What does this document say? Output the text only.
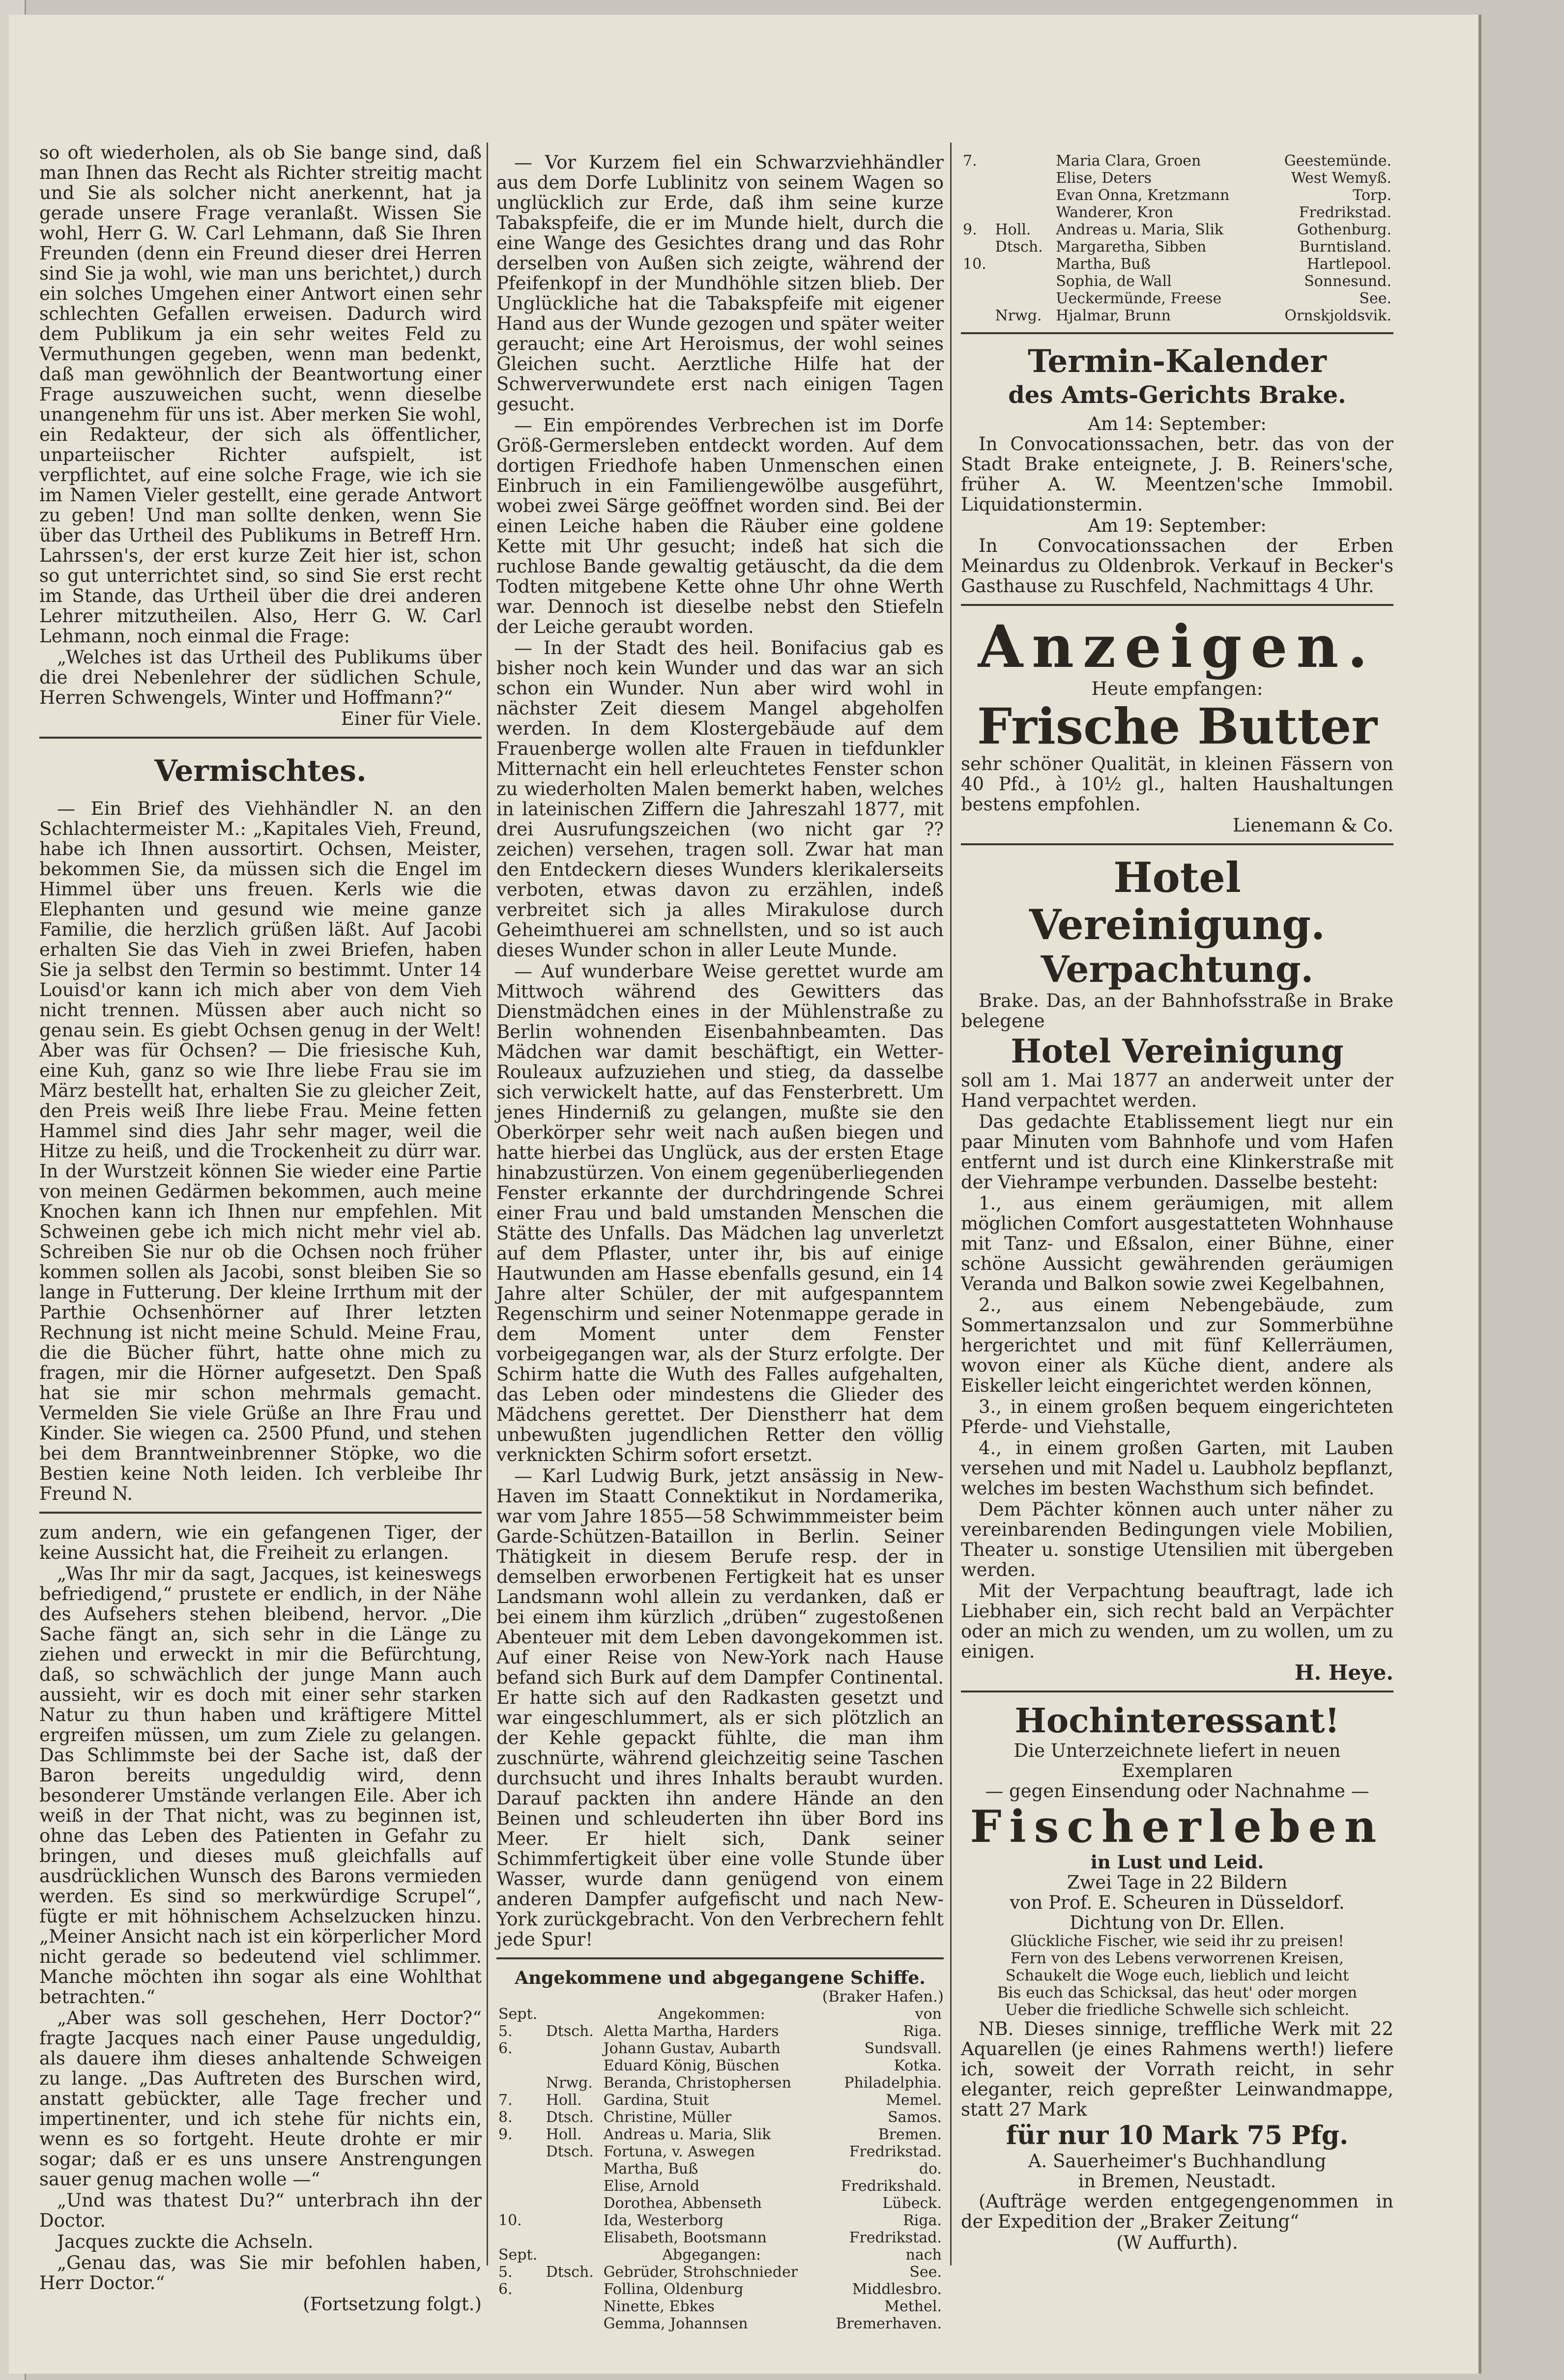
so oft wiederholen, als ob Sie bange sind, daß man Ihnen das Recht als Richter streitig macht und Sie als solcher nicht anerkennt, hat ja gerade unsere Frage veranlaßt. Wissen Sie wohl, Herr G. W. Carl Lehmann, daß Sie Ihren Freunden (denn ein Freund dieser drei Herren sind Sie ja wohl, wie man uns berichtet,) durch ein solches Umgehen einer Antwort einen sehr schlechten Gefallen erweisen. Dadurch wird dem Publikum ja ein sehr weites Feld zu Vermuthungen gegeben, wenn man bedenkt, daß man gewöhnlich der Beantwortung einer Frage auszuweichen sucht, wenn dieselbe unangenehm für uns ist. Aber merken Sie wohl, ein Redakteur, der sich als öffentlicher, unparteiischer Richter aufspielt, ist verpflichtet, auf eine solche Frage, wie ich sie im Namen Vieler gestellt, eine gerade Antwort zu geben! Und man sollte denken, wenn Sie über das Urtheil des Publikums in Betreff Hrn. Lahrssen's, der erst kurze Zeit hier ist, schon so gut unterrichtet sind, so sind Sie erst recht im Stande, das Urtheil über die drei anderen Lehrer mitzutheilen. Also, Herr G. W. Carl Lehmann, noch einmal die Frage:

„Welches ist das Urtheil des Publikums über die drei Nebenlehrer der südlichen Schule, Herren Schwengels, Winter und Hoffmann?“

Einer für Viele.
Vermischtes.

— Ein Brief des Viehhändler N. an den Schlachtermeister M.: „Kapitales Vieh, Freund, habe ich Ihnen aussortirt. Ochsen, Meister, bekommen Sie, da müssen sich die Engel im Himmel über uns freuen. Kerls wie die Elephanten und gesund wie meine ganze Familie, die herzlich grüßen läßt. Auf Jacobi erhalten Sie das Vieh in zwei Briefen, haben Sie ja selbst den Termin so bestimmt. Unter 14 Louisd'or kann ich mich aber von dem Vieh nicht trennen. Müssen aber auch nicht so genau sein. Es giebt Ochsen genug in der Welt! Aber was für Ochsen? — Die friesische Kuh, eine Kuh, ganz so wie Ihre liebe Frau sie im März bestellt hat, erhalten Sie zu gleicher Zeit, den Preis weiß Ihre liebe Frau. Meine fetten Hammel sind dies Jahr sehr mager, weil die Hitze zu heiß, und die Trockenheit zu dürr war. In der Wurstzeit können Sie wieder eine Partie von meinen Gedärmen bekommen, auch meine Knochen kann ich Ihnen nur empfehlen. Mit Schweinen gebe ich mich nicht mehr viel ab. Schreiben Sie nur ob die Ochsen noch früher kommen sollen als Jacobi, sonst bleiben Sie so lange in Futterung. Der kleine Irrthum mit der Parthie Ochsenhörner auf Ihrer letzten Rechnung ist nicht meine Schuld. Meine Frau, die die Bücher führt, hatte ohne mich zu fragen, mir die Hörner aufgesetzt. Den Spaß hat sie mir schon mehrmals gemacht. Vermelden Sie viele Grüße an Ihre Frau und Kinder. Sie wiegen ca. 2500 Pfund, und stehen bei dem Branntweinbrenner Stöpke, wo die Bestien keine Noth leiden. Ich verbleibe Ihr Freund N.

zum andern, wie ein gefangenen Tiger, der keine Aussicht hat, die Freiheit zu erlangen.

„Was Ihr mir da sagt, Jacques, ist keineswegs befriedigend,“ prustete er endlich, in der Nähe des Aufsehers stehen bleibend, hervor. „Die Sache fängt an, sich sehr in die Länge zu ziehen und erweckt in mir die Befürchtung, daß, so schwächlich der junge Mann auch aussieht, wir es doch mit einer sehr starken Natur zu thun haben und kräftigere Mittel ergreifen müssen, um zum Ziele zu gelangen. Das Schlimmste bei der Sache ist, daß der Baron bereits ungeduldig wird, denn besonderer Umstände verlangen Eile. Aber ich weiß in der That nicht, was zu beginnen ist, ohne das Leben des Patienten in Gefahr zu bringen, und dieses muß gleichfalls auf ausdrücklichen Wunsch des Barons vermieden werden. Es sind so merkwürdige Scrupel“, fügte er mit höhnischem Achselzucken hinzu. „Meiner Ansicht nach ist ein körperlicher Mord nicht gerade so bedeutend viel schlimmer. Manche möchten ihn sogar als eine Wohlthat betrachten.“

„Aber was soll geschehen, Herr Doctor?“ fragte Jacques nach einer Pause ungeduldig, als dauere ihm dieses anhaltende Schweigen zu lange. „Das Auftreten des Burschen wird, anstatt gebückter, alle Tage frecher und impertinenter, und ich stehe für nichts ein, wenn es so fortgeht. Heute drohte er mir sogar; daß er es uns unsere Anstrengungen sauer genug machen wolle —“

„Und was thatest Du?“ unterbrach ihn der Doctor.

Jacques zuckte die Achseln.

„Genau das, was Sie mir befohlen haben, Herr Doctor.“

(Fortsetzung folgt.)

— Vor Kurzem fiel ein Schwarzviehhändler aus dem Dorfe Lublinitz von seinem Wagen so unglücklich zur Erde, daß ihm seine kurze Tabakspfeife, die er im Munde hielt, durch die eine Wange des Gesichtes drang und das Rohr derselben von Außen sich zeigte, während der Pfeifenkopf in der Mundhöhle sitzen blieb. Der Unglückliche hat die Tabakspfeife mit eigener Hand aus der Wunde gezogen und später weiter geraucht; eine Art Heroismus, der wohl seines Gleichen sucht. Aerztliche Hilfe hat der Schwerverwundete erst nach einigen Tagen gesucht.

— Ein empörendes Verbrechen ist im Dorfe Größ-Germersleben entdeckt worden. Auf dem dortigen Friedhofe haben Unmenschen einen Einbruch in ein Familiengewölbe ausgeführt, wobei zwei Särge geöffnet worden sind. Bei der einen Leiche haben die Räuber eine goldene Kette mit Uhr gesucht; indeß hat sich die ruchlose Bande gewaltig getäuscht, da die dem Todten mitgebene Kette ohne Uhr ohne Werth war. Dennoch ist dieselbe nebst den Stiefeln der Leiche geraubt worden.

— In der Stadt des heil. Bonifacius gab es bisher noch kein Wunder und das war an sich schon ein Wunder. Nun aber wird wohl in nächster Zeit diesem Mangel abgeholfen werden. In dem Klostergebäude auf dem Frauenberge wollen alte Frauen in tiefdunkler Mitternacht ein hell erleuchtetes Fenster schon zu wiederholten Malen bemerkt haben, welches in lateinischen Ziffern die Jahreszahl 1877, mit drei Ausrufungszeichen (wo nicht gar ??zeichen) versehen, tragen soll. Zwar hat man den Entdeckern dieses Wunders klerikalerseits verboten, etwas davon zu erzählen, indeß verbreitet sich ja alles Mirakulose durch Geheimthuerei am schnellsten, und so ist auch dieses Wunder schon in aller Leute Munde.

— Auf wunderbare Weise gerettet wurde am Mittwoch während des Gewitters das Dienstmädchen eines in der Mühlenstraße zu Berlin wohnenden Eisenbahnbeamten. Das Mädchen war damit beschäftigt, ein Wetter-Rouleaux aufzuziehen und stieg, da dasselbe sich verwickelt hatte, auf das Fensterbrett. Um jenes Hinderniß zu gelangen, mußte sie den Oberkörper sehr weit nach außen biegen und hatte hierbei das Unglück, aus der ersten Etage hinabzustürzen. Von einem gegenüberliegenden Fenster erkannte der durchdringende Schrei einer Frau und bald umstanden Menschen die Stätte des Unfalls. Das Mädchen lag unverletzt auf dem Pflaster, unter ihr, bis auf einige Hautwunden am Hasse ebenfalls gesund, ein 14 Jahre alter Schüler, der mit aufgespanntem Regenschirm und seiner Notenmappe gerade in dem Moment unter dem Fenster vorbeigegangen war, als der Sturz erfolgte. Der Schirm hatte die Wuth des Falles aufgehalten, das Leben oder mindestens die Glieder des Mädchens gerettet. Der Dienstherr hat dem unbewußten jugendlichen Retter den völlig verknickten Schirm sofort ersetzt.

— Karl Ludwig Burk, jetzt ansässig in New-Haven im Staatt Connektikut in Nordamerika, war vom Jahre 1855—58 Schwimmmeister beim Garde-Schützen-Bataillon in Berlin. Seiner Thätigkeit in diesem Berufe resp. der in demselben erworbenen Fertigkeit hat es unser Landsmann wohl allein zu verdanken, daß er bei einem ihm kürzlich „drüben“ zugestoßenen Abenteuer mit dem Leben davongekommen ist. Auf einer Reise von New-York nach Hause befand sich Burk auf dem Dampfer Continental. Er hatte sich auf den Radkasten gesetzt und war eingeschlummert, als er sich plötzlich an der Kehle gepackt fühlte, die man ihm zuschnürte, während gleichzeitig seine Taschen durchsucht und ihres Inhalts beraubt wurden. Darauf packten ihn andere Hände an den Beinen und schleuderten ihn über Bord ins Meer. Er hielt sich, Dank seiner Schimmfertigkeit über eine volle Stunde über Wasser, wurde dann genügend von einem anderen Dampfer aufgefischt und nach New-York zurückgebracht. Von den Verbrechern fehlt jede Spur!

Angekommene und abgegangene Schiffe.
(Braker Hafen.)
Sept.		Angekommen:	von
5.	Dtsch.	Aletta Martha, Harders	Riga.
6.		Johann Gustav, Aubarth	Sundsvall.
		Eduard König, Büschen	Kotka.
	Nrwg.	Beranda, Christophersen	Philadelphia.
7.	Holl.	Gardina, Stuit	Memel.
8.	Dtsch.	Christine, Müller	Samos.
9.	Holl.	Andreas u. Maria, Slik	Bremen.
	Dtsch.	Fortuna, v. Aswegen	Fredrikstad.
		Martha, Buß	do.
		Elise, Arnold	Fredrikshald.
		Dorothea, Abbenseth	Lübeck.
10.		Ida, Westerborg	Riga.
		Elisabeth, Bootsmann	Fredrikstad.
Sept.		Abgegangen:	nach
5.	Dtsch.	Gebrüder, Strohschnieder	See.
6.		Follina, Oldenburg	Middlesbro.
		Ninette, Ebkes	Methel.
		Gemma, Johannsen	Bremerhaven.
7.		Maria Clara, Groen	Geestemünde.
		Elise, Deters	West Wemyß.
		Evan Onna, Kretzmann	Torp.
		Wanderer, Kron	Fredrikstad.
9.	Holl.	Andreas u. Maria, Slik	Gothenburg.
	Dtsch.	Margaretha, Sibben	Burntisland.
10.		Martha, Buß	Hartlepool.
		Sophia, de Wall	Sonnesund.
		Ueckermünde, Freese	See.
	Nrwg.	Hjalmar, Brunn	Ornskjoldsvik.
Termin-Kalender
des Amts-Gerichts Brake.
Am 14: September:

In Convocationssachen, betr. das von der Stadt Brake enteignete, J. B. Reiners'sche, früher A. W. Meentzen'sche Immobil. Liquidationstermin.

Am 19: September:

In Convocationssachen der Erben Meinardus zu Oldenbrok. Verkauf in Becker's Gasthause zu Ruschfeld, Nachmittags 4 Uhr.

Anzeigen.
Heute empfangen:
Frische Butter

sehr schöner Qualität, in kleinen Fässern von 40 Pfd., à 10½ gl., halten Haushaltungen bestens empfohlen.

Lienemann & Co.
Hotel Vereinigung.
Verpachtung.

Brake. Das, an der Bahnhofsstraße in Brake belegene

Hotel Vereinigung

soll am 1. Mai 1877 an anderweit unter der Hand verpachtet werden.

Das gedachte Etablissement liegt nur ein paar Minuten vom Bahnhofe und vom Hafen entfernt und ist durch eine Klinkerstraße mit der Viehrampe verbunden. Dasselbe besteht:

1., aus einem geräumigen, mit allem möglichen Comfort ausgestatteten Wohnhause mit Tanz- und Eßsalon, einer Bühne, einer schöne Aussicht gewährenden geräumigen Veranda und Balkon sowie zwei Kegelbahnen,

2., aus einem Nebengebäude, zum Sommertanzsalon und zur Sommerbühne hergerichtet und mit fünf Kellerräumen, wovon einer als Küche dient, andere als Eiskeller leicht eingerichtet werden können,

3., in einem großen bequem eingerichteten Pferde- und Viehstalle,

4., in einem großen Garten, mit Lauben versehen und mit Nadel u. Laubholz bepflanzt, welches im besten Wachsthum sich befindet.

Dem Pächter können auch unter näher zu vereinbarenden Bedingungen viele Mobilien, Theater u. sonstige Utensilien mit übergeben werden.

Mit der Verpachtung beauftragt, lade ich Liebhaber ein, sich recht bald an Verpächter oder an mich zu wenden, um zu wollen, um zu einigen.

H. Heye.
Hochinteressant!
Die Unterzeichnete liefert in neuen Exemplaren
— gegen Einsendung oder Nachnahme —
Fischerleben
in Lust und Leid.
Zwei Tage in 22 Bildern
von Prof. E. Scheuren in Düsseldorf.
Dichtung von Dr. Ellen.
Glückliche Fischer, wie seid ihr zu preisen!
Fern von des Lebens verworrenen Kreisen,
Schaukelt die Woge euch, lieblich und leicht
Bis euch das Schicksal, das heut' oder morgen
Ueber die friedliche Schwelle sich schleicht.

NB. Dieses sinnige, treffliche Werk mit 22 Aquarellen (je eines Rahmens werth!) liefere ich, soweit der Vorrath reicht, in sehr eleganter, reich gepreßter Leinwandmappe, statt 27 Mark

für nur 10 Mark 75 Pfg.
A. Sauerheimer's Buchhandlung
in Bremen, Neustadt.

(Aufträge werden entgegengenommen in der Expedition der „Braker Zeitung“

(W Auffurth).
